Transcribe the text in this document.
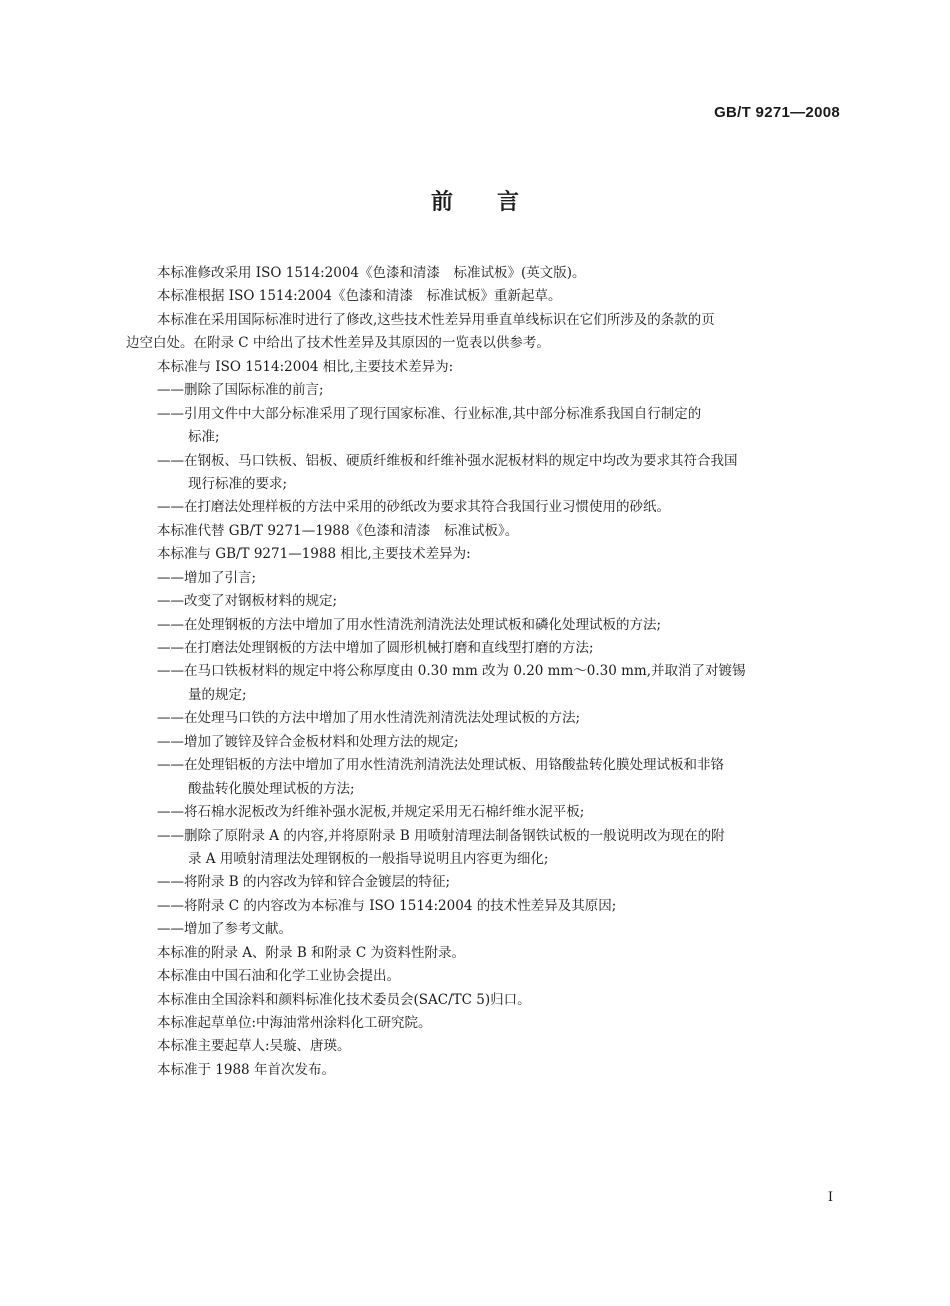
GB/T 9271—2008
前言
本标准修改采用 ISO 1514:2004《色漆和清漆　标准试板》(英文版)。
本标准根据 ISO 1514:2004《色漆和清漆　标准试板》重新起草。
本标准在采用国际标准时进行了修改,这些技术性差异用垂直单线标识在它们所涉及的条款的页
边空白处。在附录 C 中给出了技术性差异及其原因的一览表以供参考。
本标准与 ISO 1514:2004 相比,主要技术差异为:
——删除了国际标准的前言;
——引用文件中大部分标准采用了现行国家标准、行业标准,其中部分标准系我国自行制定的
标准;
——在钢板、马口铁板、铝板、硬质纤维板和纤维补强水泥板材料的规定中均改为要求其符合我国
现行标准的要求;
——在打磨法处理样板的方法中采用的砂纸改为要求其符合我国行业习惯使用的砂纸。
本标准代替 GB/T 9271—1988《色漆和清漆　标准试板》。
本标准与 GB/T 9271—1988 相比,主要技术差异为:
——增加了引言;
——改变了对钢板材料的规定;
——在处理钢板的方法中增加了用水性清洗剂清洗法处理试板和磷化处理试板的方法;
——在打磨法处理钢板的方法中增加了圆形机械打磨和直线型打磨的方法;
——在马口铁板材料的规定中将公称厚度由 0.30 mm 改为 0.20 mm～0.30 mm,并取消了对镀锡
量的规定;
——在处理马口铁的方法中增加了用水性清洗剂清洗法处理试板的方法;
——增加了镀锌及锌合金板材料和处理方法的规定;
——在处理铝板的方法中增加了用水性清洗剂清洗法处理试板、用铬酸盐转化膜处理试板和非铬
酸盐转化膜处理试板的方法;
——将石棉水泥板改为纤维补强水泥板,并规定采用无石棉纤维水泥平板;
——删除了原附录 A 的内容,并将原附录 B 用喷射清理法制备钢铁试板的一般说明改为现在的附
录 A 用喷射清理法处理钢板的一般指导说明且内容更为细化;
——将附录 B 的内容改为锌和锌合金镀层的特征;
——将附录 C 的内容改为本标准与 ISO 1514:2004 的技术性差异及其原因;
——增加了参考文献。
本标准的附录 A、附录 B 和附录 C 为资料性附录。
本标准由中国石油和化学工业协会提出。
本标准由全国涂料和颜料标准化技术委员会(SAC/TC 5)归口。
本标准起草单位:中海油常州涂料化工研究院。
本标准主要起草人:吴璇、唐瑛。
本标准于 1988 年首次发布。
I
